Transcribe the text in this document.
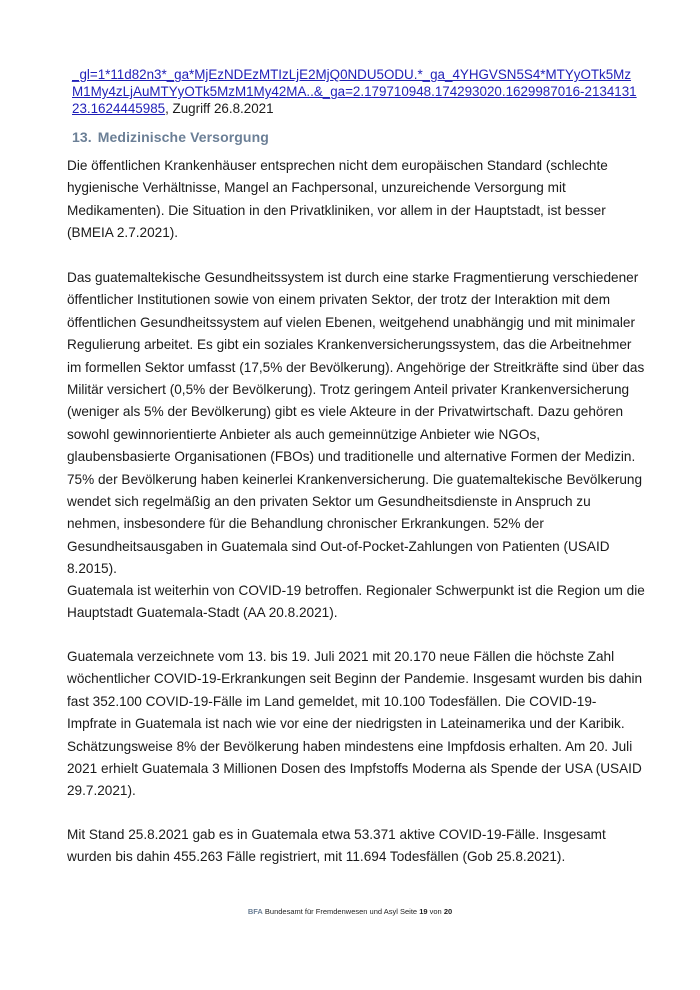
_gl=1*11d82n3*_ga*MjEzNDEzMTIzLjE2MjQ0NDU5ODU.*_ga_4YHGVSN5S4*MTYyOTk5MzM1My4zLjAuMTYyOTk5MzM1My42MA..&_ga=2.179710948.174293020.1629987016-213413123.1624445985, Zugriff 26.8.2021
13. Medizinische Versorgung

Die öffentlichen Krankenhäuser entsprechen nicht dem europäischen Standard (schlechte hygienische Verhältnisse, Mangel an Fachpersonal, unzureichende Versorgung mit Medikamenten). Die Situation in den Privatkliniken, vor allem in der Hauptstadt, ist besser (BMEIA 2.7.2021).

Das guatemaltekische Gesundheitssystem ist durch eine starke Fragmentierung verschiedener öffentlicher Institutionen sowie von einem privaten Sektor, der trotz der Interaktion mit dem öffentlichen Gesundheitssystem auf vielen Ebenen, weitgehend unabhängig und mit minimaler Regulierung arbeitet. Es gibt ein soziales Krankenversicherungssystem, das die Arbeitnehmer im formellen Sektor umfasst (17,5% der Bevölkerung). Angehörige der Streitkräfte sind über das Militär versichert (0,5% der Bevölkerung). Trotz geringem Anteil privater Krankenversicherung (weniger als 5% der Bevölkerung) gibt es viele Akteure in der Privatwirtschaft. Dazu gehören sowohl gewinnorientierte Anbieter als auch gemeinnützige Anbieter wie NGOs, glaubensbasierte Organisationen (FBOs) und traditionelle und alternative Formen der Medizin. 75% der Bevölkerung haben keinerlei Krankenversicherung. Die guatemaltekische Bevölkerung wendet sich regelmäßig an den privaten Sektor um Gesundheitsdienste in Anspruch zu nehmen, insbesondere für die Behandlung chronischer Erkrankungen. 52% der Gesundheitsausgaben in Guatemala sind Out-of-Pocket-Zahlungen von Patienten (USAID 8.2015).

Guatemala ist weiterhin von COVID-19 betroffen. Regionaler Schwerpunkt ist die Region um die Hauptstadt Guatemala-Stadt (AA 20.8.2021).

Guatemala verzeichnete vom 13. bis 19. Juli 2021 mit 20.170 neue Fällen die höchste Zahl wöchentlicher COVID-19-Erkrankungen seit Beginn der Pandemie. Insgesamt wurden bis dahin fast 352.100 COVID-19-Fälle im Land gemeldet, mit 10.100 Todesfällen. Die COVID-19-Impfrate in Guatemala ist nach wie vor eine der niedrigsten in Lateinamerika und der Karibik. Schätzungsweise 8% der Bevölkerung haben mindestens eine Impfdosis erhalten. Am 20. Juli 2021 erhielt Guatemala 3 Millionen Dosen des Impfstoffs Moderna als Spende der USA (USAID 29.7.2021).

Mit Stand 25.8.2021 gab es in Guatemala etwa 53.371 aktive COVID-19-Fälle. Insgesamt wurden bis dahin 455.263 Fälle registriert, mit 11.694 Todesfällen (Gob 25.8.2021).

BFA Bundesamt für Fremdenwesen und Asyl Seite 19 von 20
